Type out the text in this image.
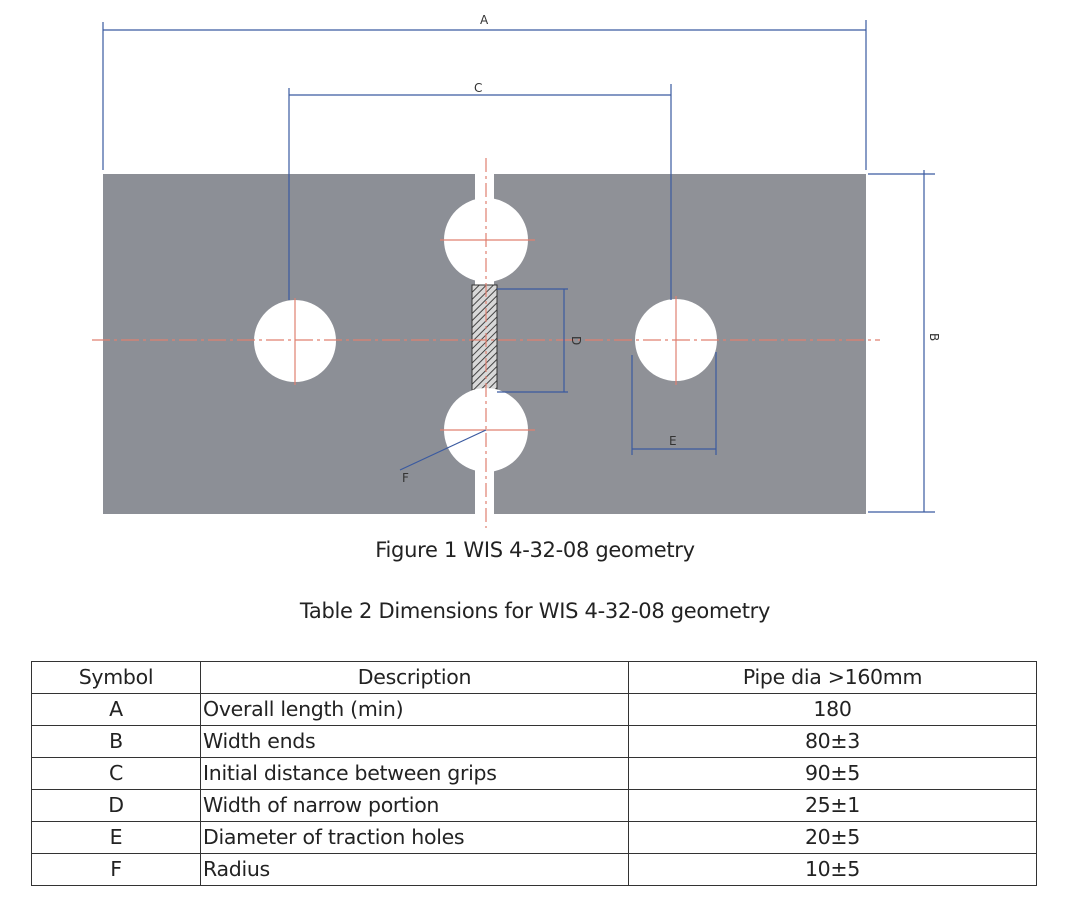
A
C
B
D
E
F
Figure 1 WIS 4-32-08 geometry
Table 2 Dimensions for WIS 4-32-08 geometry
Symbol	Description	Pipe dia >160mm
A	Overall length (min)	180
B	Width ends	80±3
C	Initial distance between grips	90±5
D	Width of narrow portion	25±1
E	Diameter of traction holes	20±5
F	Radius	10±5
